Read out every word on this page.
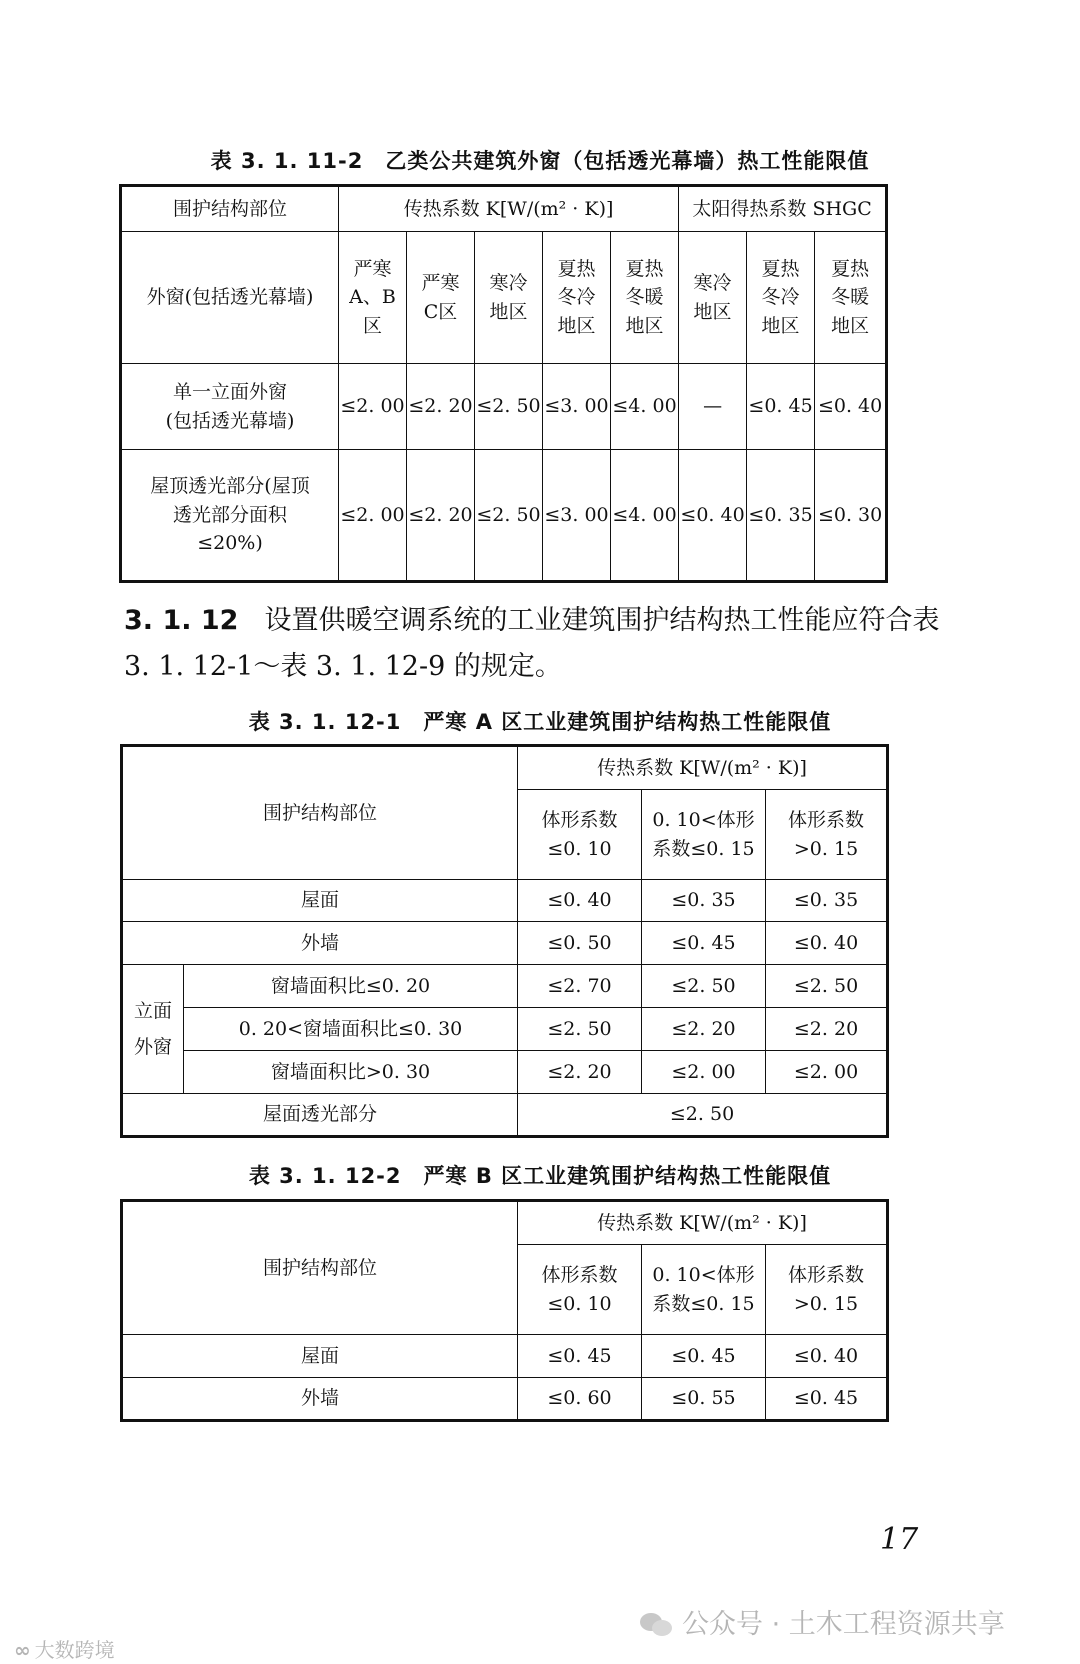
表 3. 1. 11-2　乙类公共建筑外窗（包括透光幕墙）热工性能限值
围护结构部位	传热系数 K[W/(m² · K)]					太阳得热系数 SHGC		
外窗(包括透光幕墙)	严寒A、B区	严寒C区	寒冷地区	夏热冬冷地区	夏热冬暖地区	寒冷地区	夏热冬冷地区	夏热冬暖地区
单一立面外窗(包括透光幕墙)	≤2. 00	≤2. 20	≤2. 50	≤3. 00	≤4. 00	—	≤0. 45	≤0. 40
屋顶透光部分(屋顶透光部分面积≤20%)	≤2. 00	≤2. 20	≤2. 50	≤3. 00	≤4. 00	≤0. 40	≤0. 35	≤0. 30
3. 1. 12 设置供暖空调系统的工业建筑围护结构热工性能应符合表 3. 1. 12-1～表 3. 1. 12-9 的规定。
表 3. 1. 12-1　严寒 A 区工业建筑围护结构热工性能限值
围护结构部位		传热系数 K[W/(m² · K)]		
		体形系数≤0. 10	0. 10<体形系数≤0. 15	体形系数>0. 15
屋面		≤0. 40	≤0. 35	≤0. 35
外墙		≤0. 50	≤0. 45	≤0. 40
立面外窗	窗墙面积比≤0. 20	≤2. 70	≤2. 50	≤2. 50
	0. 20<窗墙面积比≤0. 30	≤2. 50	≤2. 20	≤2. 20
	窗墙面积比>0. 30	≤2. 20	≤2. 00	≤2. 00
屋面透光部分		≤2. 50		
表 3. 1. 12-2　严寒 B 区工业建筑围护结构热工性能限值
围护结构部位	传热系数 K[W/(m² · K)]		
	体形系数≤0. 10	0. 10<体形系数≤0. 15	体形系数>0. 15
屋面	≤0. 45	≤0. 45	≤0. 40
外墙	≤0. 60	≤0. 55	≤0. 45
17
公众号 · 土木工程资源共享
∞ 大数跨境
